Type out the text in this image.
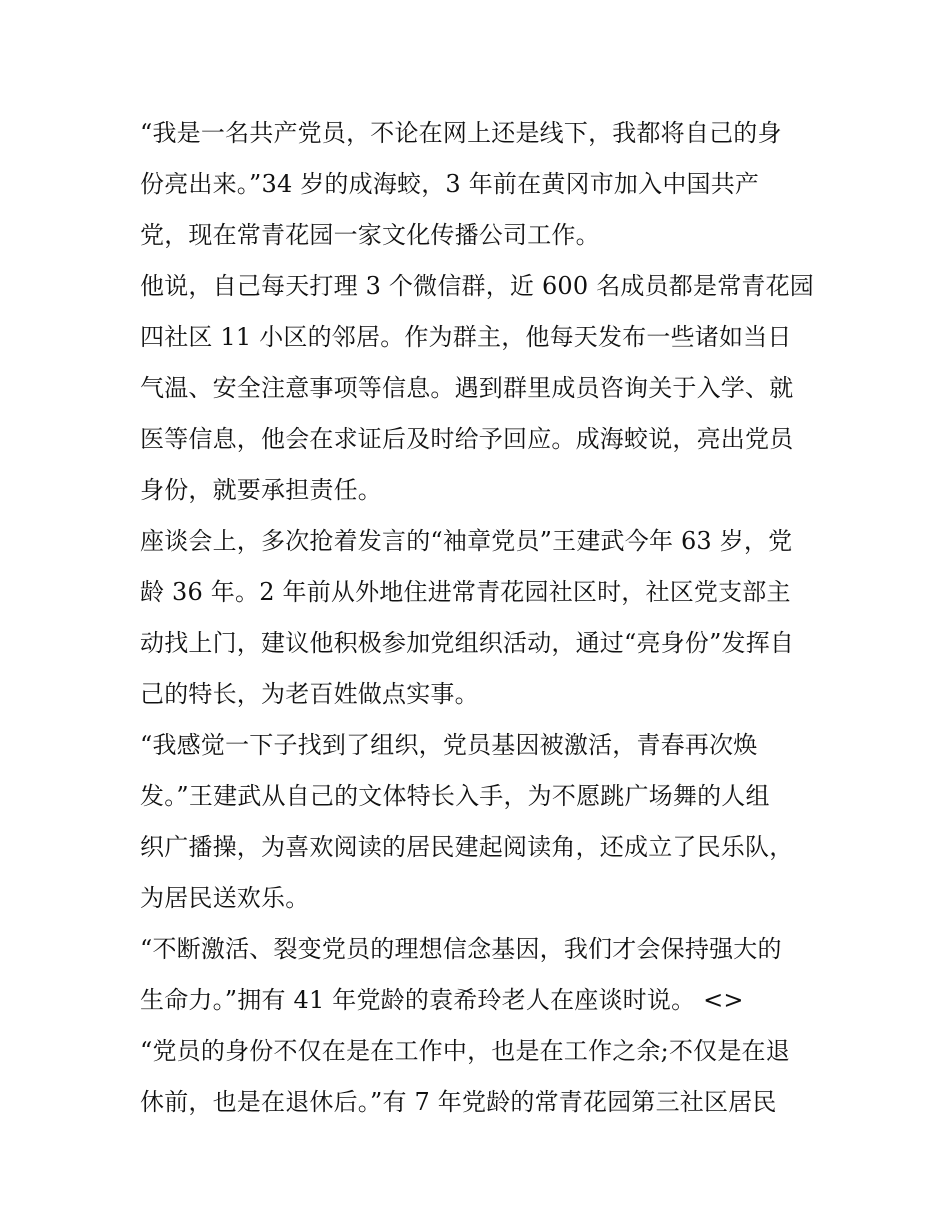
“我是一名共产党员，不论在网上还是线下，我都将自己的身
份亮出来。”34 岁的成海蛟，3 年前在黄冈市加入中国共产
党，现在常青花园一家文化传播公司工作。

他说，自己每天打理 3 个微信群，近 600 名成员都是常青花园
四社区 11 小区的邻居。作为群主，他每天发布一些诸如当日
气温、安全注意事项等信息。遇到群里成员咨询关于入学、就
医等信息，他会在求证后及时给予回应。成海蛟说，亮出党员
身份，就要承担责任。

座谈会上，多次抢着发言的“袖章党员”王建武今年 63 岁，党
龄 36 年。2 年前从外地住进常青花园社区时，社区党支部主
动找上门，建议他积极参加党组织活动，通过“亮身份”发挥自
己的特长，为老百姓做点实事。

“我感觉一下子找到了组织，党员基因被激活，青春再次焕
发。”王建武从自己的文体特长入手，为不愿跳广场舞的人组
织广播操，为喜欢阅读的居民建起阅读角，还成立了民乐队，
为居民送欢乐。

“不断激活、裂变党员的理想信念基因，我们才会保持强大的
生命力。”拥有 41 年党龄的袁希玲老人在座谈时说。 <>

“党员的身份不仅在是在工作中，也是在工作之余;不仅是在退
休前，也是在退休后。”有 7 年党龄的常青花园第三社区居民
